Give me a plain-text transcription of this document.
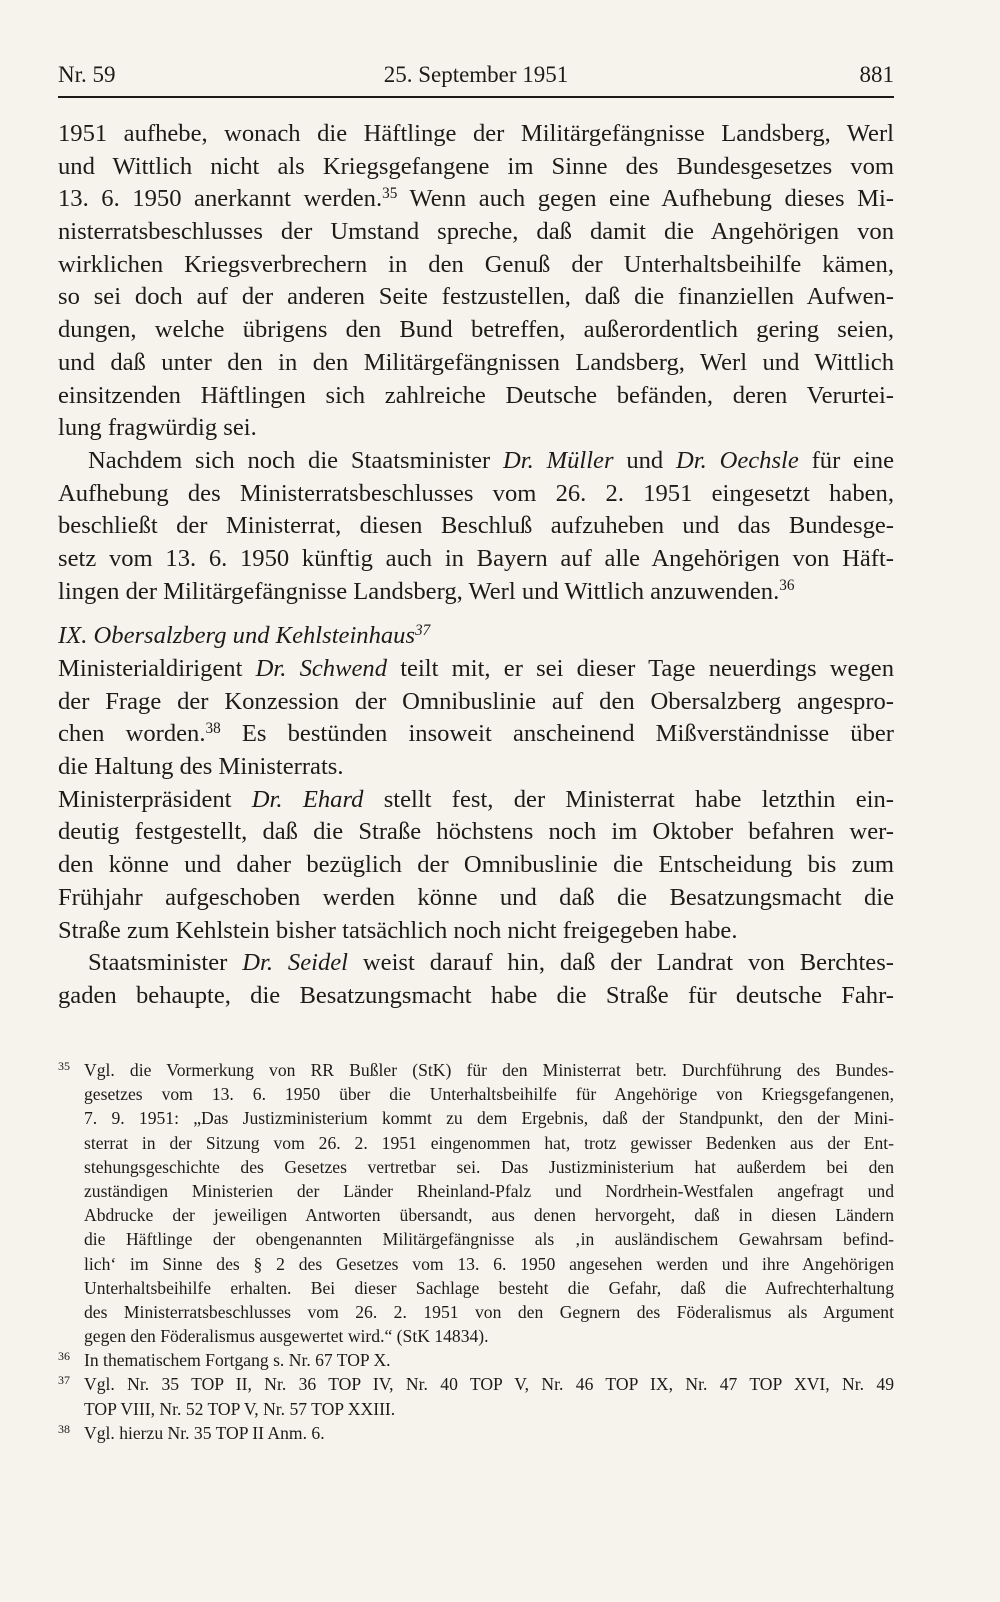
Nr. 59	25. September 1951	881
1951 aufhebe, wonach die Häftlinge der Militärgefängnisse Landsberg, Werl
und Wittlich nicht als Kriegsgefangene im Sinne des Bundesgesetzes vom
13. 6. 1950 anerkannt werden.$^{35}$ Wenn auch gegen eine Aufhebung dieses Mi-
nisterratsbeschlusses der Umstand spreche, daß damit die Angehörigen von
wirklichen Kriegsverbrechern in den Genuß der Unterhaltsbeihilfe kämen,
so sei doch auf der anderen Seite festzustellen, daß die finanziellen Aufwen-
dungen, welche übrigens den Bund betreffen, außerordentlich gering seien,
und daß unter den in den Militärgefängnissen Landsberg, Werl und Wittlich
einsitzenden Häftlingen sich zahlreiche Deutsche befänden, deren Verurtei-
lung fragwürdig sei.
Nachdem sich noch die Staatsminister Dr. Müller und Dr. Oechsle für eine
Aufhebung des Ministerratsbeschlusses vom 26. 2. 1951 eingesetzt haben,
beschließt der Ministerrat, diesen Beschluß aufzuheben und das Bundesge-
setz vom 13. 6. 1950 künftig auch in Bayern auf alle Angehörigen von Häft-
lingen der Militärgefängnisse Landsberg, Werl und Wittlich anzuwenden.$^{36}$
IX. Obersalzberg und Kehlsteinhaus$^{37}$
Ministerialdirigent Dr. Schwend teilt mit, er sei dieser Tage neuerdings wegen
der Frage der Konzession der Omnibuslinie auf den Obersalzberg angespro-
chen worden.$^{38}$ Es bestünden insoweit anscheinend Mißverständnisse über
die Haltung des Ministerrats.
Ministerpräsident Dr. Ehard stellt fest, der Ministerrat habe letzthin ein-
deutig festgestellt, daß die Straße höchstens noch im Oktober befahren wer-
den könne und daher bezüglich der Omnibuslinie die Entscheidung bis zum
Frühjahr aufgeschoben werden könne und daß die Besatzungsmacht die
Straße zum Kehlstein bisher tatsächlich noch nicht freigegeben habe.
Staatsminister Dr. Seidel weist darauf hin, daß der Landrat von Berchtes-
gaden behaupte, die Besatzungsmacht habe die Straße für deutsche Fahr-
35 Vgl. die Vormerkung von RR Bußler (StK) für den Ministerrat betr. Durchführung des Bundes-
gesetzes vom 13. 6. 1950 über die Unterhaltsbeihilfe für Angehörige von Kriegsgefangenen,
7. 9. 1951: „Das Justizministerium kommt zu dem Ergebnis, daß der Standpunkt, den der Mini-
sterrat in der Sitzung vom 26. 2. 1951 eingenommen hat, trotz gewisser Bedenken aus der Ent-
stehungsgeschichte des Gesetzes vertretbar sei. Das Justizministerium hat außerdem bei den
zuständigen Ministerien der Länder Rheinland-Pfalz und Nordrhein-Westfalen angefragt und
Abdrucke der jeweiligen Antworten übersandt, aus denen hervorgeht, daß in diesen Ländern
die Häftlinge der obengenannten Militärgefängnisse als ‚in ausländischem Gewahrsam befind-
lich‘ im Sinne des § 2 des Gesetzes vom 13. 6. 1950 angesehen werden und ihre Angehörigen
Unterhaltsbeihilfe erhalten. Bei dieser Sachlage besteht die Gefahr, daß die Aufrechterhaltung
des Ministerratsbeschlusses vom 26. 2. 1951 von den Gegnern des Föderalismus als Argument
gegen den Föderalismus ausgewertet wird.“ (StK 14834).
36 In thematischem Fortgang s. Nr. 67 TOP X.
37 Vgl. Nr. 35 TOP II, Nr. 36 TOP IV, Nr. 40 TOP V, Nr. 46 TOP IX, Nr. 47 TOP XVI, Nr. 49
TOP VIII, Nr. 52 TOP V, Nr. 57 TOP XXIII.
38 Vgl. hierzu Nr. 35 TOP II Anm. 6.
